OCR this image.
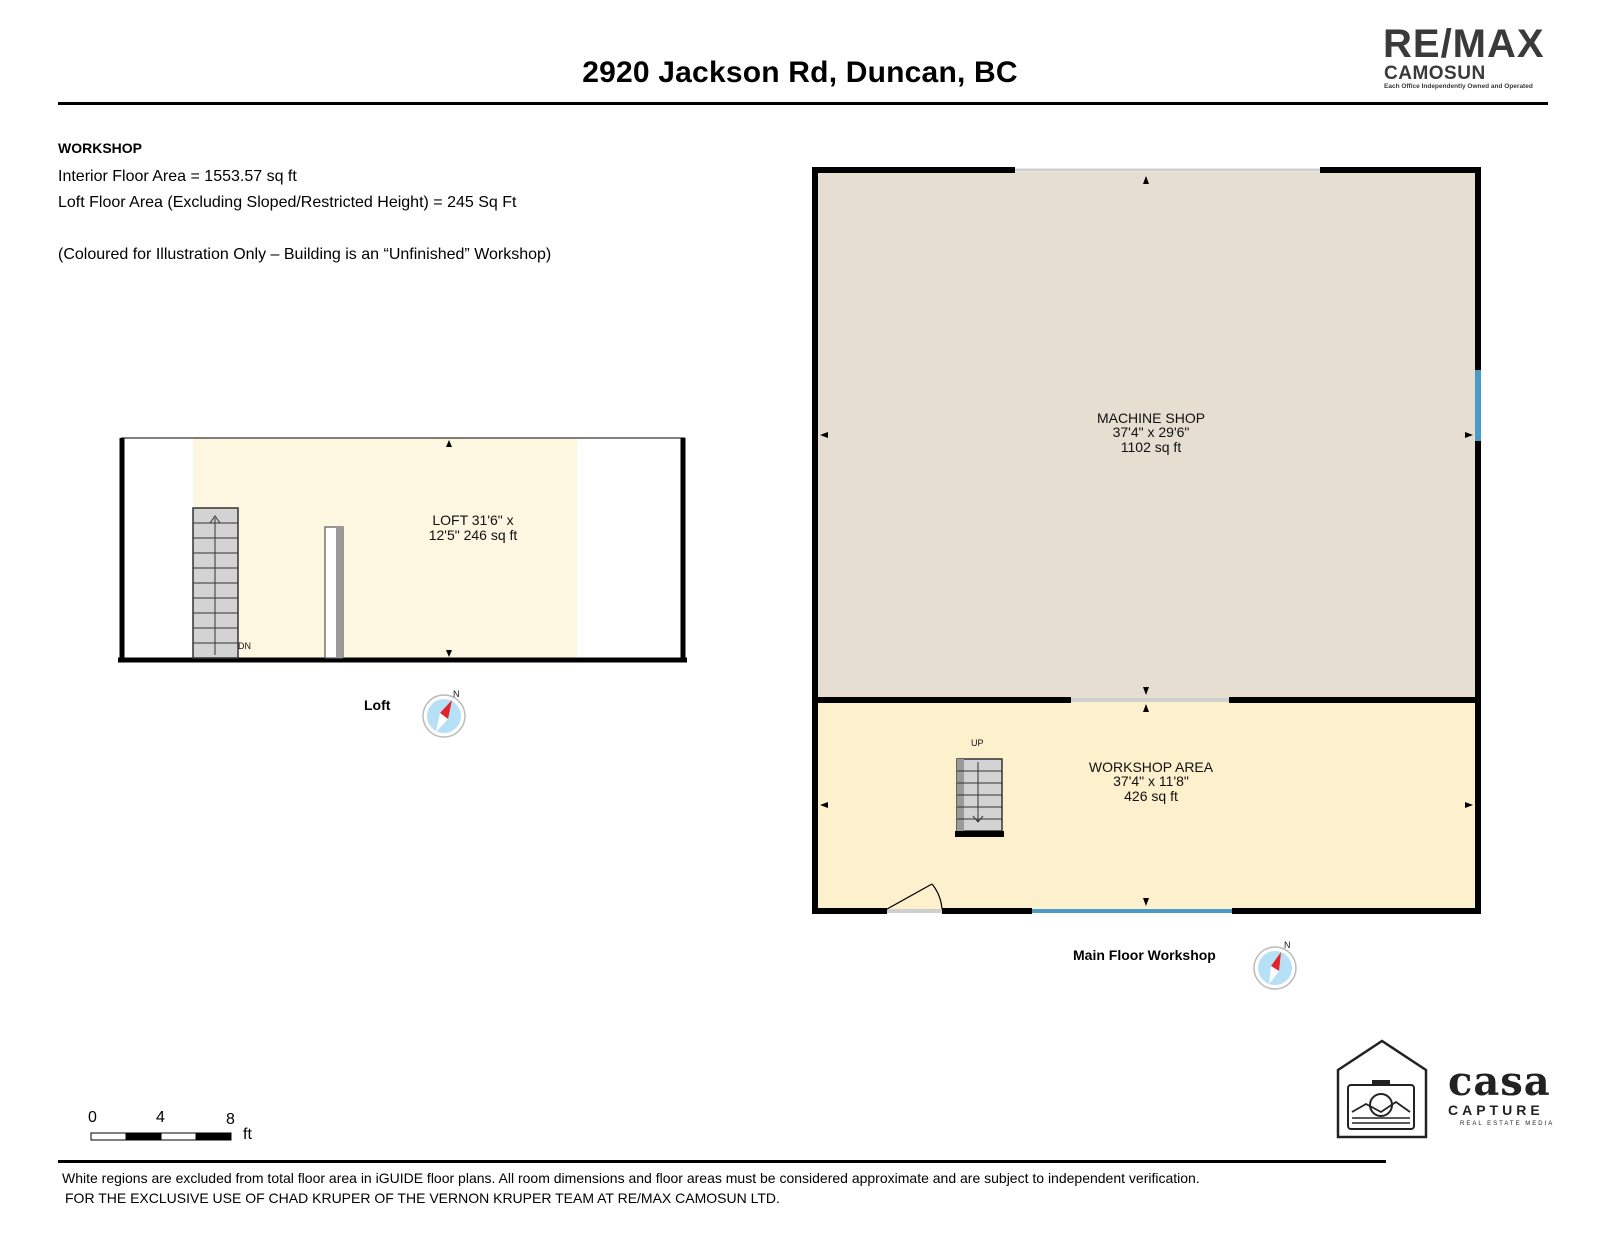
2920 Jackson Rd, Duncan, BC
RE/MAX
CAMOSUN
Each Office Independently Owned and Operated
WORKSHOP
Interior Floor Area = 1553.57 sq ft
Loft Floor Area (Excluding Sloped/Restricted Height) = 245 Sq Ft
(Coloured for Illustration Only – Building is an “Unfinished” Workshop)
DN
LOFT 31'6" x
12'5" 246 sq ft
N
UP
MACHINE SHOP
37'4" x 29'6"
1102 sq ft
WORKSHOP AREA
37'4" x 11'8"
426 sq ft
N
Loft
Main Floor Workshop
0	4	8
ft
casa
CAPTURE
REAL ESTATE MEDIA
White regions are excluded from total floor area in iGUIDE floor plans. All room dimensions and floor areas must be considered approximate and are subject to independent verification.
FOR THE EXCLUSIVE USE OF CHAD KRUPER OF THE VERNON KRUPER TEAM AT RE/MAX CAMOSUN LTD.
